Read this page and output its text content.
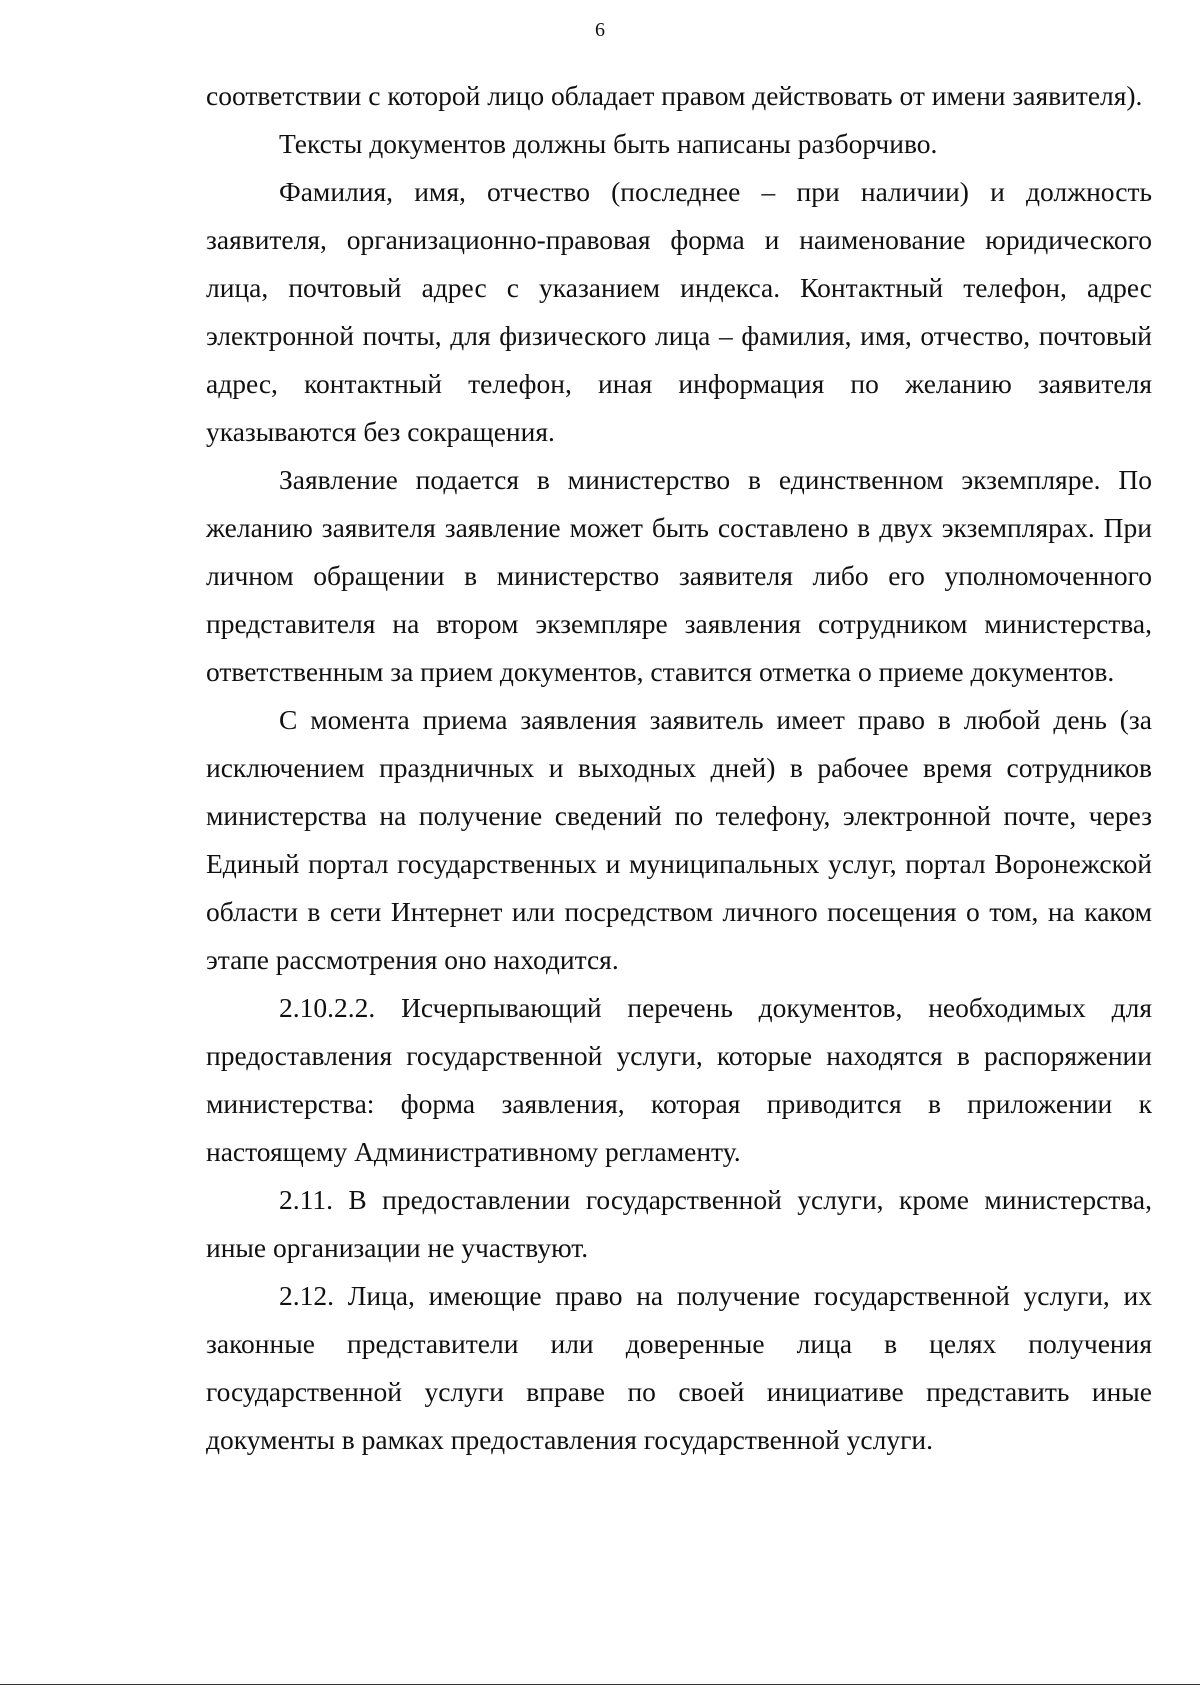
6

соответствии с которой лицо обладает правом действовать от имени заявителя).

Тексты документов должны быть написаны разборчиво.

Фамилия, имя, отчество (последнее – при наличии) и должность заявителя, организационно-правовая форма и наименование юридического лица, почтовый адрес с указанием индекса. Контактный телефон, адрес электронной почты, для физического лица – фамилия, имя, отчество, почтовый адрес, контактный телефон, иная информация по желанию заявителя указываются без сокращения.

Заявление подается в министерство в единственном экземпляре. По желанию заявителя заявление может быть составлено в двух экземплярах. При личном обращении в министерство заявителя либо его уполномоченного представителя на втором экземпляре заявления сотрудником министерства, ответственным за прием документов, ставится отметка о приеме документов.

С момента приема заявления заявитель имеет право в любой день (за исключением праздничных и выходных дней) в рабочее время сотрудников министерства на получение сведений по телефону, электронной почте, через Единый портал государственных и муниципальных услуг, портал Воронежской области в сети Интернет или посредством личного посещения о том, на каком этапе рассмотрения оно находится.

2.10.2.2. Исчерпывающий перечень документов, необходимых для предоставления государственной услуги, которые находятся в распоряжении министерства: форма заявления, которая приводится в приложении к настоящему Административному регламенту.

2.11. В предоставлении государственной услуги, кроме министерства, иные организации не участвуют.

2.12. Лица, имеющие право на получение государственной услуги, их законные представители или доверенные лица в целях получения государственной услуги вправе по своей инициативе представить иные документы в рамках предоставления государственной услуги.
